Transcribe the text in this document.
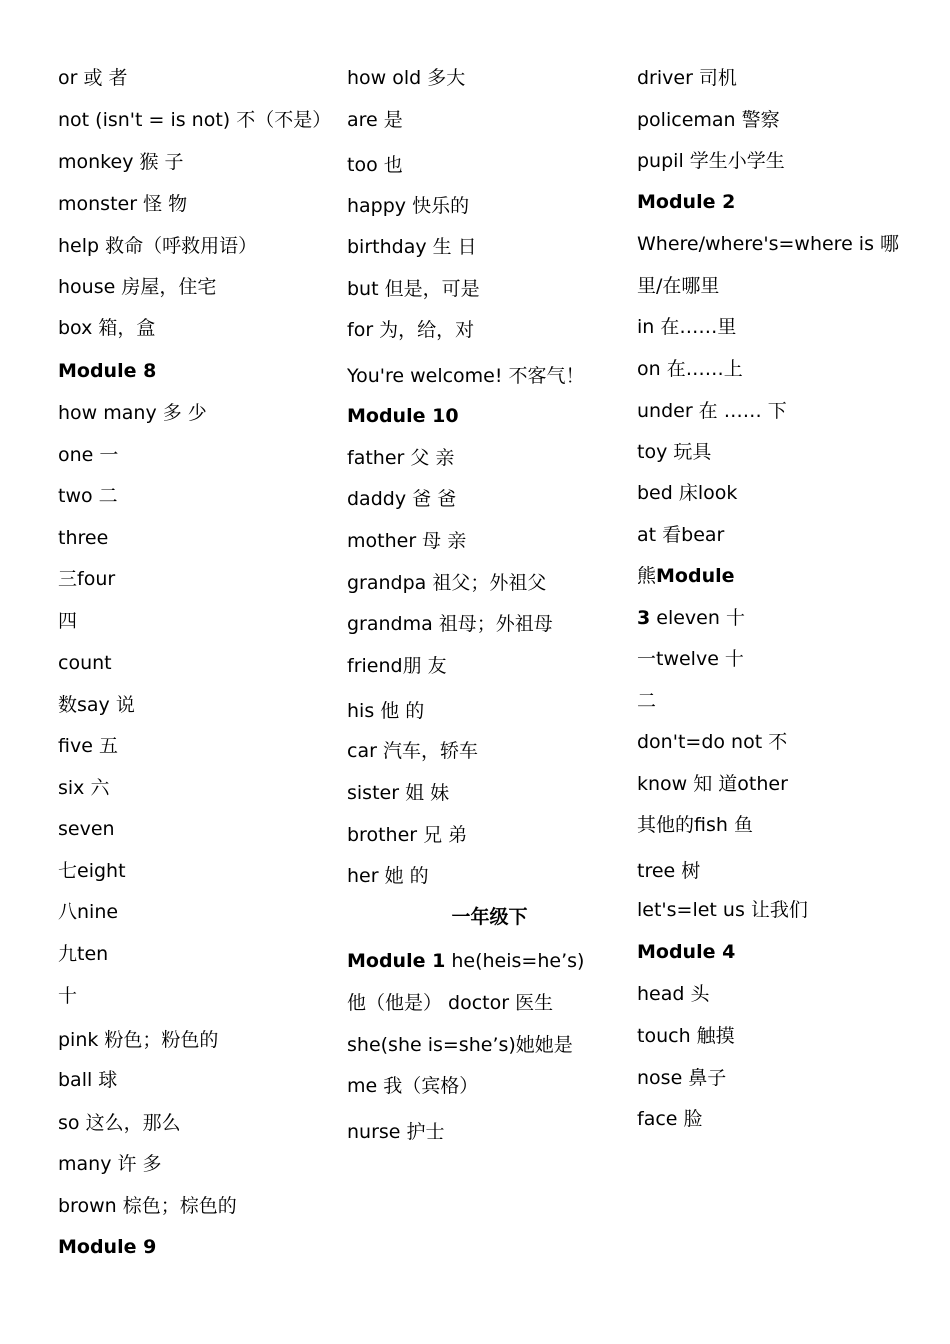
or 或 者
not (isn't = is not) 不（不是）
monkey 猴 子
monster 怪 物
help 救命（呼救用语）
house 房屋，住宅
box 箱，盒
Module 8
how many 多 少
one 一
two 二
three
三four
四
count
数say 说
five 五
six 六
seven
七eight
八nine
九ten
十
pink 粉色；粉色的
ball 球
so 这么，那么
many 许 多
brown 棕色；棕色的
Module 9
how old 多大
are 是
too 也
happy 快乐的
birthday 生 日
but 但是，可是
for 为，给，对
You're welcome! 不客气！
Module 10
father 父 亲
daddy 爸 爸
mother 母 亲
grandpa 祖父；外祖父
grandma 祖母；外祖母
friend朋 友
his 他 的
car 汽车，轿车
sister 姐 妹
brother 兄 弟
her 她 的
一年级下
Module 1 he(heis=he’s)
他（他是） doctor 医生
she(she is=she’s)她她是
me 我（宾格）
nurse 护士
driver 司机
policeman 警察
pupil 学生小学生
Module 2
Where/where's=where is 哪
里/在哪里
in 在……里
on 在……上
under 在 …… 下
toy 玩具
bed 床look
at 看bear
熊Module
3 eleven 十
一twelve 十
二
don't=do not 不
know 知 道other
其他的fish 鱼
tree 树
let's=let us 让我们
Module 4
head 头
touch 触摸
nose 鼻子
face 脸
